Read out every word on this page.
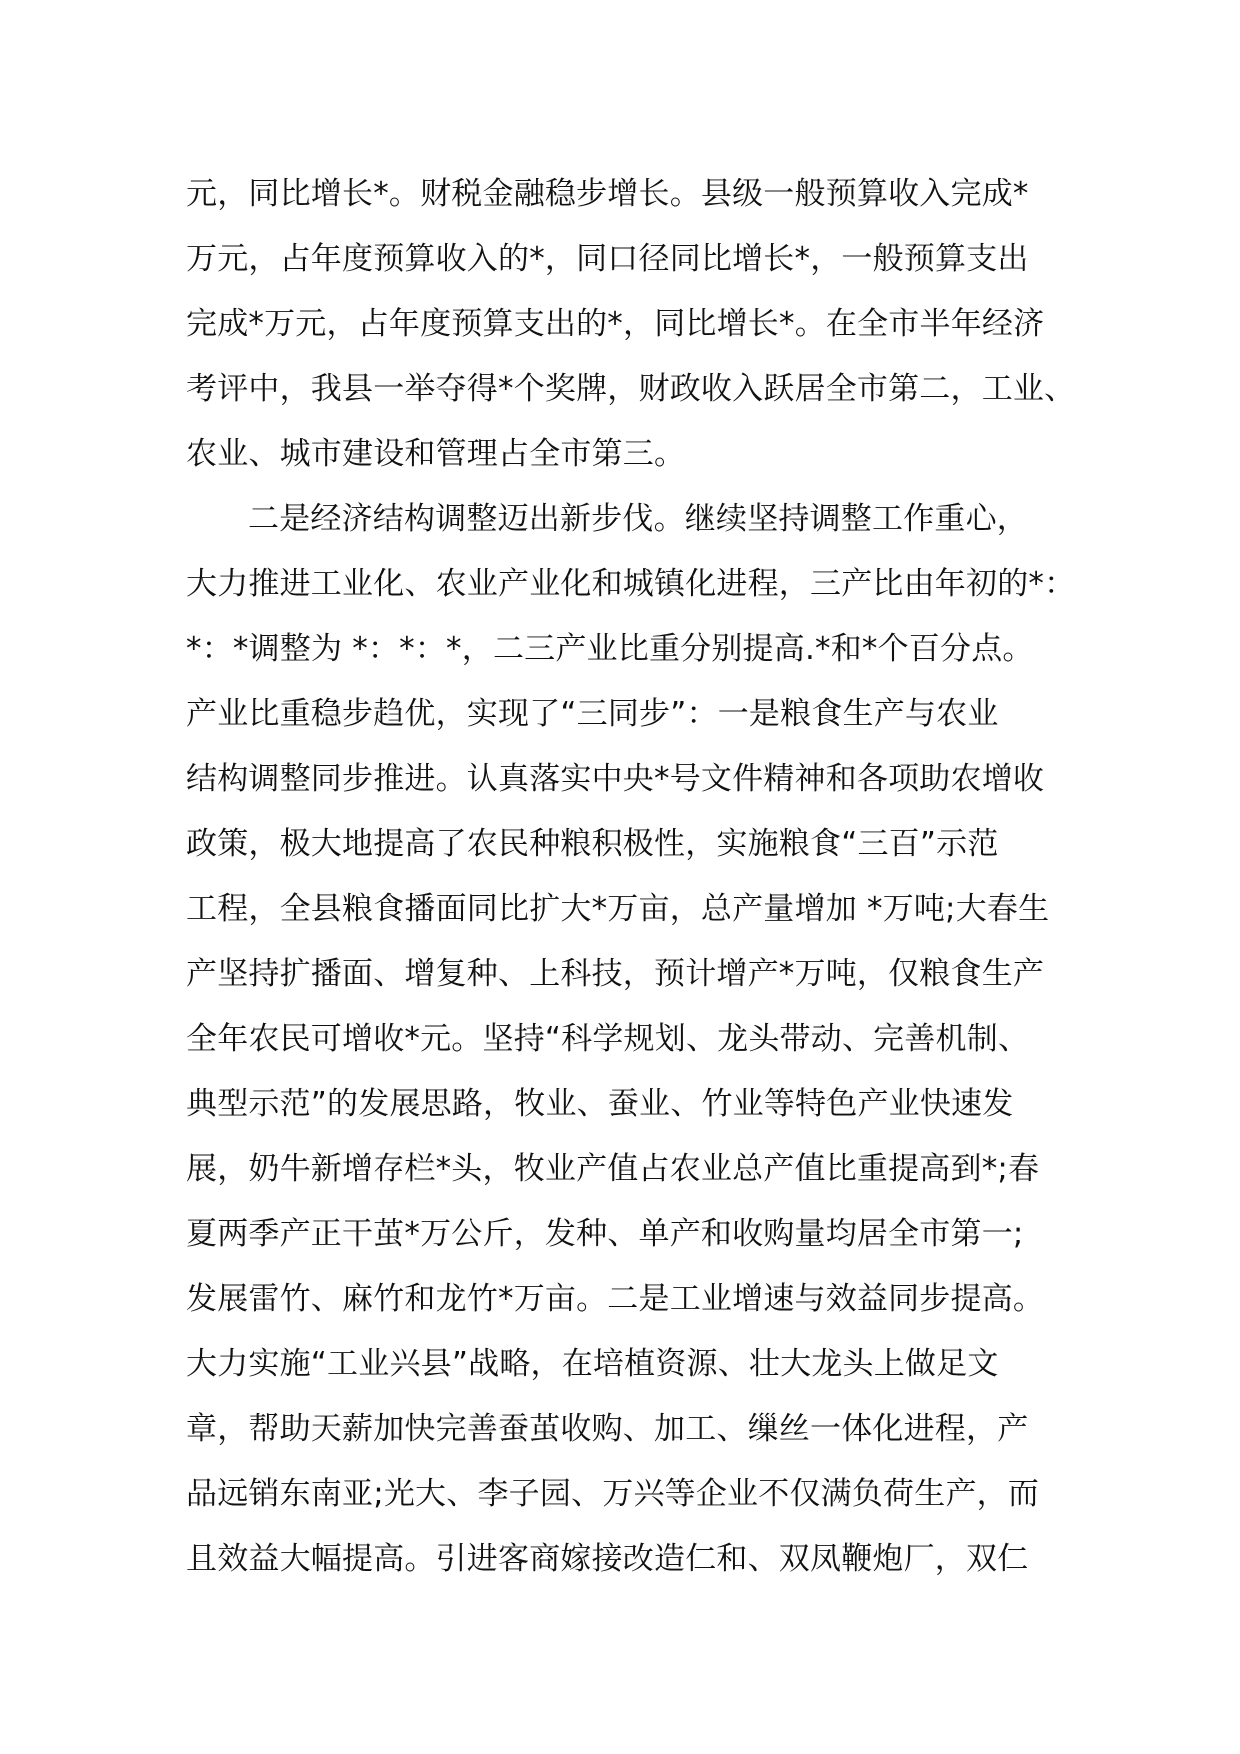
元，同比增长*。财税金融稳步增长。县级一般预算收入完成*
万元，占年度预算收入的*，同口径同比增长*，一般预算支出
完成*万元，占年度预算支出的*，同比增长*。在全市半年经济
考评中，我县一举夺得*个奖牌，财政收入跃居全市第二，工业、
农业、城市建设和管理占全市第三。
二是经济结构调整迈出新步伐。继续坚持调整工作重心，
大力推进工业化、农业产业化和城镇化进程，三产比由年初的*：
*：*调整为 *：*：*，二三产业比重分别提高.*和*个百分点。
产业比重稳步趋优，实现了“三同步”：一是粮食生产与农业
结构调整同步推进。认真落实中央*号文件精神和各项助农增收
政策，极大地提高了农民种粮积极性，实施粮食“三百”示范
工程，全县粮食播面同比扩大*万亩，总产量增加 *万吨;大春生
产坚持扩播面、增复种、上科技，预计增产*万吨，仅粮食生产
全年农民可增收*元。坚持“科学规划、龙头带动、完善机制、
典型示范”的发展思路，牧业、蚕业、竹业等特色产业快速发
展，奶牛新增存栏*头，牧业产值占农业总产值比重提高到*;春
夏两季产正干茧*万公斤，发种、单产和收购量均居全市第一;
发展雷竹、麻竹和龙竹*万亩。二是工业增速与效益同步提高。
大力实施“工业兴县”战略，在培植资源、壮大龙头上做足文
章，帮助天薪加快完善蚕茧收购、加工、缫丝一体化进程，产
品远销东南亚;光大、李子园、万兴等企业不仅满负荷生产，而
且效益大幅提高。引进客商嫁接改造仁和、双凤鞭炮厂，双仁
